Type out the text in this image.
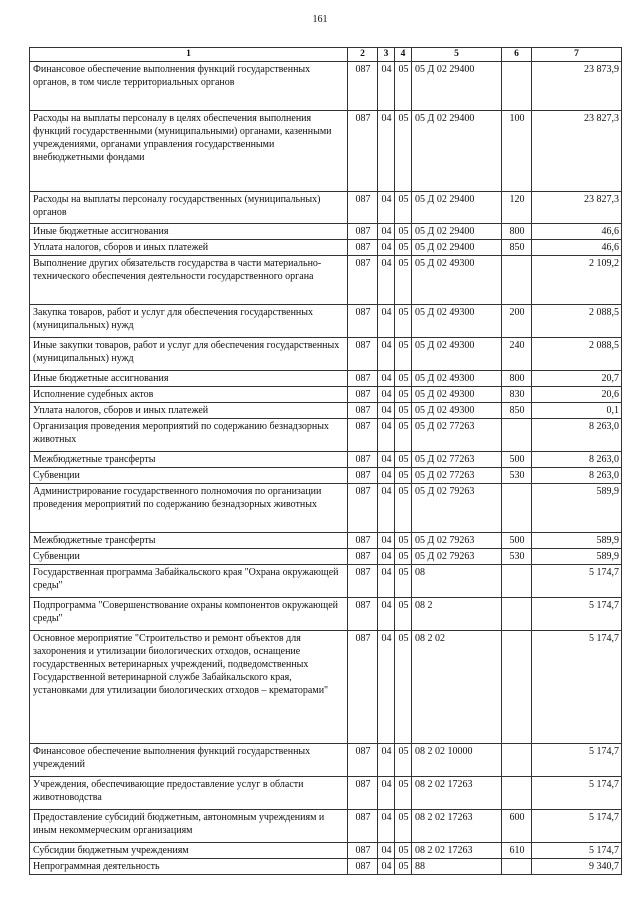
161
1	2	3	4	5	6	7
Финансовое обеспечение выполнения функций государственных органов, в том числе территориальных органов	087	04	05	05 Д 02 29400		23 873,9
Расходы на выплаты персоналу в целях обеспечения выполнения функций государственными (муниципальными) органами, казенными учреждениями, органами управления государственными внебюджетными фондами	087	04	05	05 Д 02 29400	100	23 827,3
Расходы на выплаты персоналу государственных (муниципальных) органов	087	04	05	05 Д 02 29400	120	23 827,3
Иные бюджетные ассигнования	087	04	05	05 Д 02 29400	800	46,6
Уплата налогов, сборов и иных платежей	087	04	05	05 Д 02 29400	850	46,6
Выполнение других обязательств государства в части материально-технического обеспечения деятельности государственного органа	087	04	05	05 Д 02 49300		2 109,2
Закупка товаров, работ и услуг для обеспечения государственных (муниципальных) нужд	087	04	05	05 Д 02 49300	200	2 088,5
Иные закупки товаров, работ и услуг для обеспечения государственных (муниципальных) нужд	087	04	05	05 Д 02 49300	240	2 088,5
Иные бюджетные ассигнования	087	04	05	05 Д 02 49300	800	20,7
Исполнение судебных актов	087	04	05	05 Д 02 49300	830	20,6
Уплата налогов, сборов и иных платежей	087	04	05	05 Д 02 49300	850	0,1
Организация проведения мероприятий по содержанию безнадзорных животных	087	04	05	05 Д 02 77263		8 263,0
Межбюджетные трансферты	087	04	05	05 Д 02 77263	500	8 263,0
Субвенции	087	04	05	05 Д 02 77263	530	8 263,0
Администрирование государственного полномочия по организации проведения мероприятий по содержанию безнадзорных животных	087	04	05	05 Д 02 79263		589,9
Межбюджетные трансферты	087	04	05	05 Д 02 79263	500	589,9
Субвенции	087	04	05	05 Д 02 79263	530	589,9
Государственная программа Забайкальского края "Охрана окружающей среды"	087	04	05	08		5 174,7
Подпрограмма "Совершенствование охраны компонентов окружающей среды"	087	04	05	08 2		5 174,7
Основное мероприятие "Строительство и ремонт объектов для захоронения и утилизации биологических отходов, оснащение государственных ветеринарных учреждений, подведомственных Государственной ветеринарной службе Забайкальского края, установками для утилизации биологических отходов – крематорами"	087	04	05	08 2 02		5 174,7
Финансовое обеспечение выполнения функций государственных учреждений	087	04	05	08 2 02 10000		5 174,7
Учреждения, обеспечивающие предоставление услуг в области животноводства	087	04	05	08 2 02 17263		5 174,7
Предоставление субсидий бюджетным, автономным учреждениям и иным некоммерческим организациям	087	04	05	08 2 02 17263	600	5 174,7
Субсидии бюджетным учреждениям	087	04	05	08 2 02 17263	610	5 174,7
Непрограммная деятельность	087	04	05	88		9 340,7
